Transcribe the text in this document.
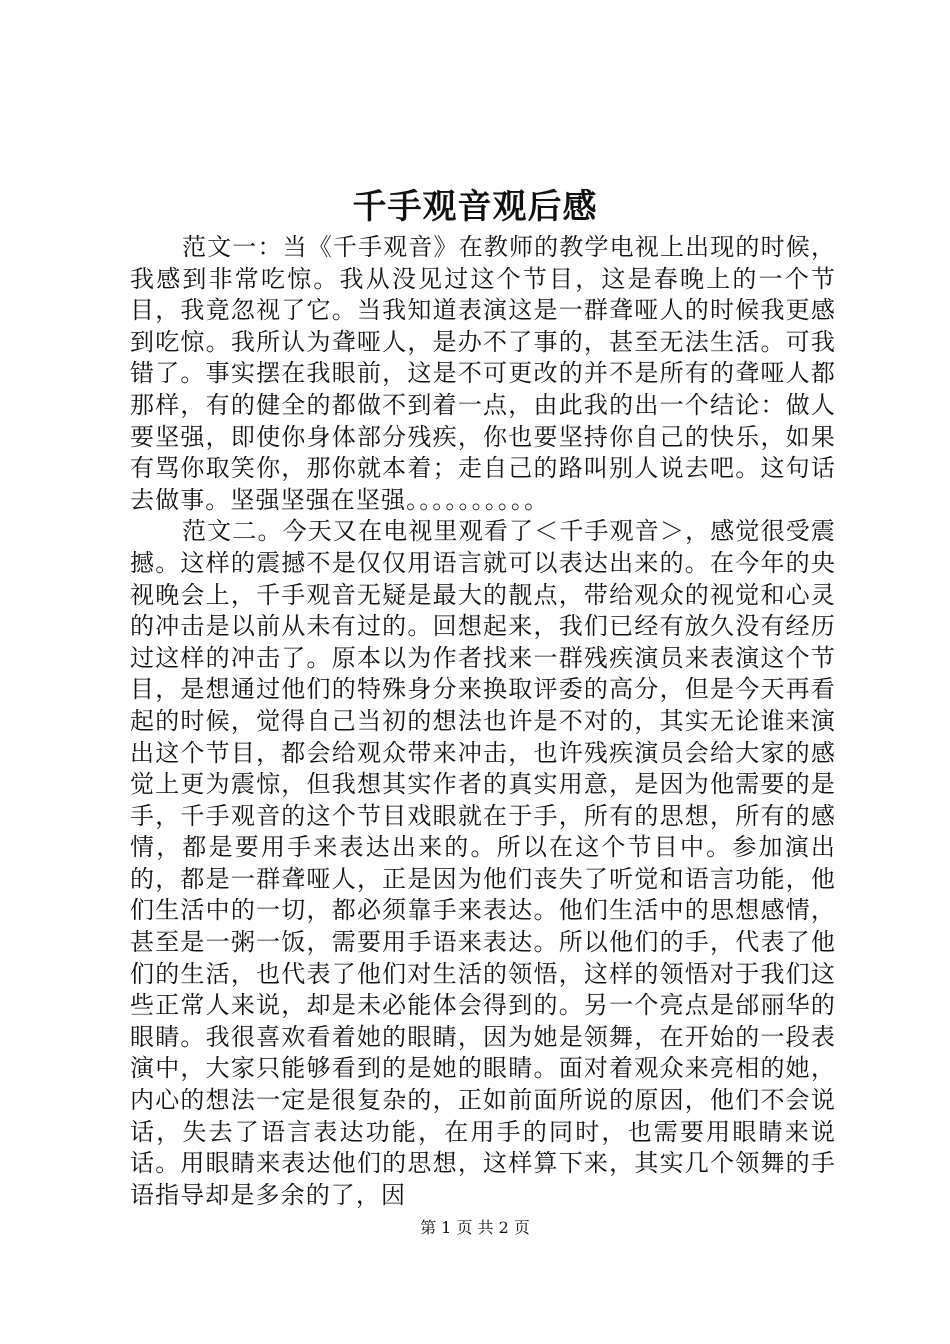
千手观音观后感

范文一：当《千手观音》在教师的教学电视上出现的时候，我感到非常吃惊。我从没见过这个节目，这是春晚上的一个节目，我竟忽视了它。当我知道表演这是一群聋哑人的时候我更感到吃惊。我所认为聋哑人，是办不了事的，甚至无法生活。可我错了。事实摆在我眼前，这是不可更改的并不是所有的聋哑人都那样，有的健全的都做不到着一点，由此我的出一个结论：做人要坚强，即使你身体部分残疾，你也要坚持你自己的快乐，如果有骂你取笑你，那你就本着；走自己的路叫别人说去吧。这句话去做事。坚强坚强在坚强。。。。。。。。。。

范文二。今天又在电视里观看了＜千手观音＞，感觉很受震撼。这样的震撼不是仅仅用语言就可以表达出来的。在今年的央视晚会上，千手观音无疑是最大的靓点，带给观众的视觉和心灵的冲击是以前从未有过的。回想起来，我们已经有放久没有经历过这样的冲击了。原本以为作者找来一群残疾演员来表演这个节目，是想通过他们的特殊身分来换取评委的高分，但是今天再看起的时候，觉得自己当初的想法也许是不对的，其实无论谁来演出这个节目，都会给观众带来冲击，也许残疾演员会给大家的感觉上更为震惊，但我想其实作者的真实用意，是因为他需要的是手，千手观音的这个节目戏眼就在于手，所有的思想，所有的感情，都是要用手来表达出来的。所以在这个节目中。参加演出的，都是一群聋哑人，正是因为他们丧失了听觉和语言功能，他们生活中的一切，都必须靠手来表达。他们生活中的思想感情，甚至是一粥一饭，需要用手语来表达。所以他们的手，代表了他们的生活，也代表了他们对生活的领悟，这样的领悟对于我们这些正常人来说，却是未必能体会得到的。另一个亮点是邰丽华的眼睛。我很喜欢看着她的眼睛，因为她是领舞，在开始的一段表演中，大家只能够看到的是她的眼睛。面对着观众来亮相的她，内心的想法一定是很复杂的，正如前面所说的原因，他们不会说话，失去了语言表达功能，在用手的同时，也需要用眼睛来说话。用眼睛来表达他们的思想，这样算下来，其实几个领舞的手语指导却是多余的了，因

第 1 页 共 2 页
